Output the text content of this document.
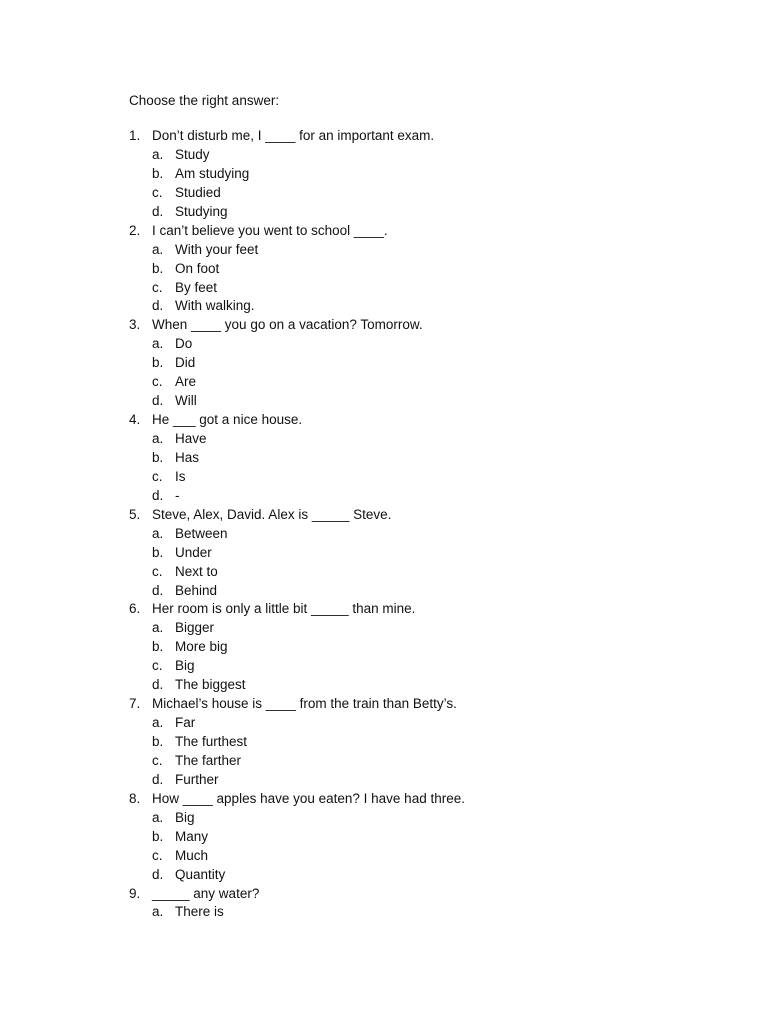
Choose the right answer:
1. Don’t disturb me, I ____ for an important exam.
a. Study
b. Am studying
c. Studied
d. Studying
2. I can’t believe you went to school ____.
a. With your feet
b. On foot
c. By feet
d. With walking.
3. When ____ you go on a vacation? Tomorrow.
a. Do
b. Did
c. Are
d. Will
4. He ___ got a nice house.
a. Have
b. Has
c. Is
d. -
5. Steve, Alex, David. Alex is _____ Steve.
a. Between
b. Under
c. Next to
d. Behind
6. Her room is only a little bit _____ than mine.
a. Bigger
b. More big
c. Big
d. The biggest
7. Michael’s house is ____ from the train than Betty’s.
a. Far
b. The furthest
c. The farther
d. Further
8. How ____ apples have you eaten? I have had three.
a. Big
b. Many
c. Much
d. Quantity
9. _____ any water?
a. There is
